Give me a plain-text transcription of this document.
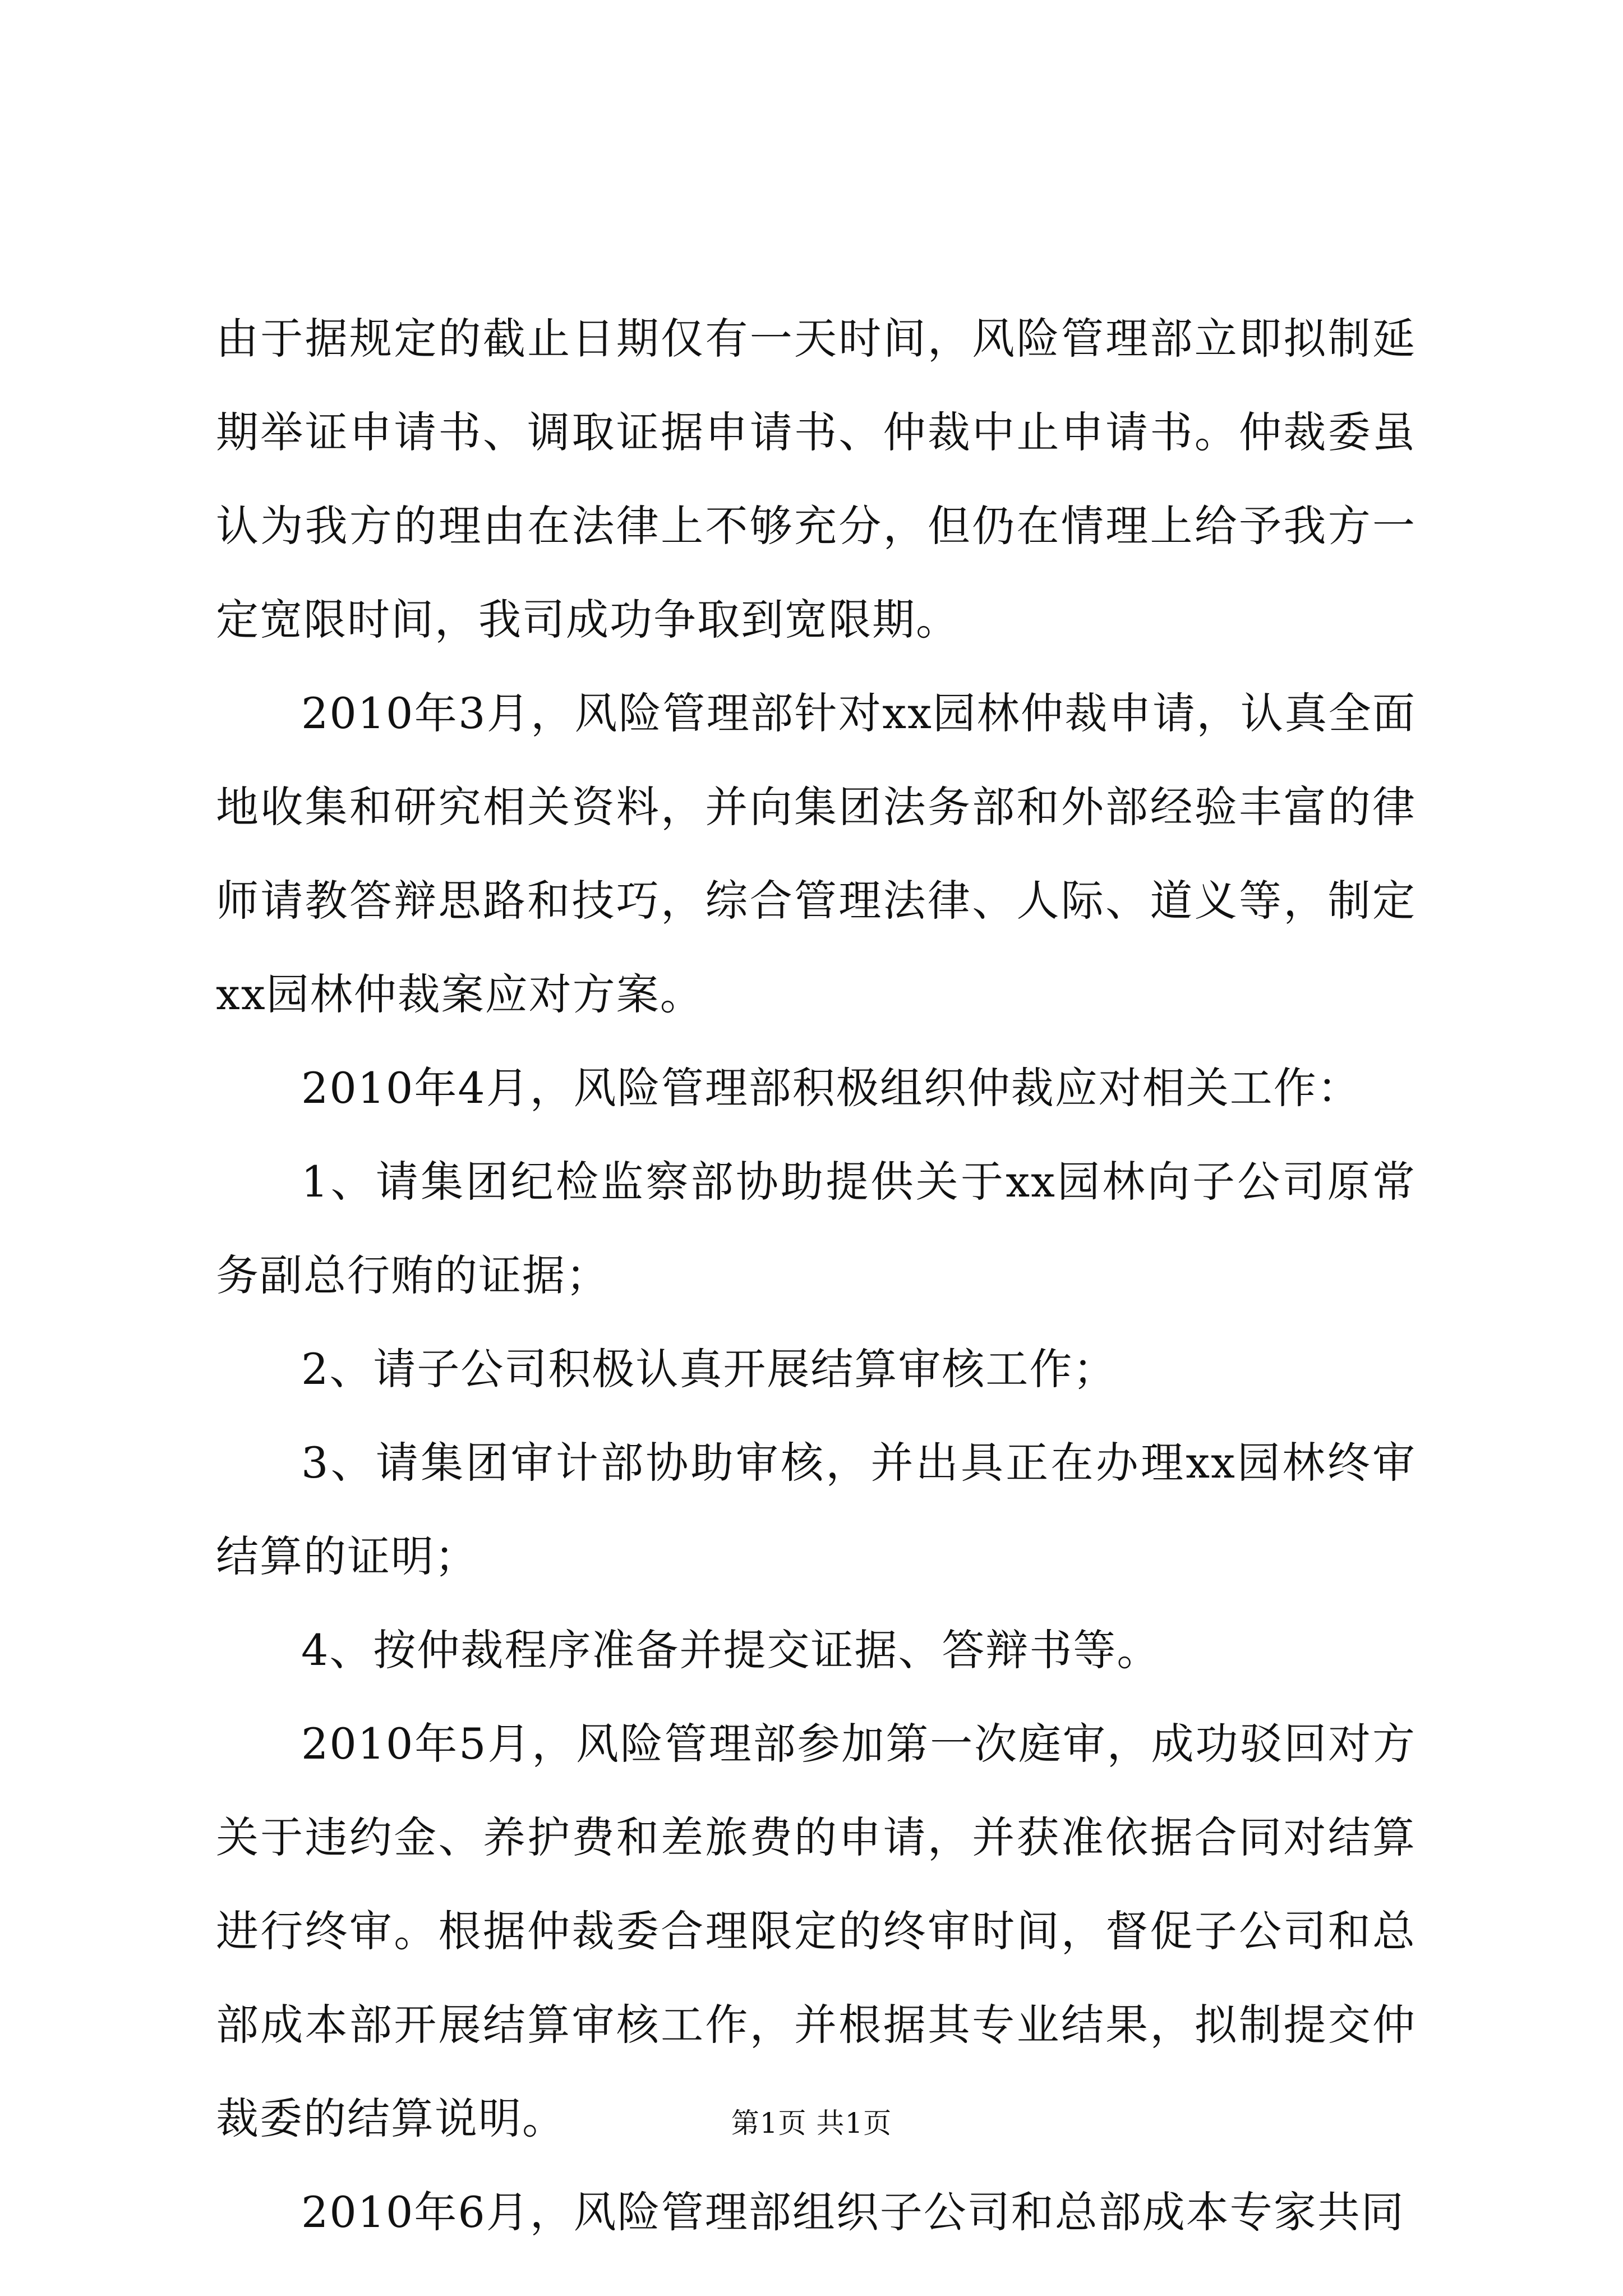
由于据规定的截止日期仅有一天时间，风险管理部立即拟制延期举证申请书、调取证据申请书、仲裁中止申请书。仲裁委虽认为我方的理由在法律上不够充分，但仍在情理上给予我方一定宽限时间，我司成功争取到宽限期。

2010年3月，风险管理部针对xx园林仲裁申请，认真全面地收集和研究相关资料，并向集团法务部和外部经验丰富的律师请教答辩思路和技巧，综合管理法律、人际、道义等，制定xx园林仲裁案应对方案。

2010年4月，风险管理部积极组织仲裁应对相关工作：

1、请集团纪检监察部协助提供关于xx园林向子公司原常务副总行贿的证据；

2、请子公司积极认真开展结算审核工作；

3、请集团审计部协助审核，并出具正在办理xx园林终审结算的证明；

4、按仲裁程序准备并提交证据、答辩书等。

2010年5月，风险管理部参加第一次庭审，成功驳回对方关于违约金、养护费和差旅费的申请，并获准依据合同对结算进行终审。根据仲裁委合理限定的终审时间，督促子公司和总部成本部开展结算审核工作，并根据其专业结果，拟制提交仲裁委的结算说明。

2010年6月，风险管理部组织子公司和总部成本专家共同

第1页 共1页
